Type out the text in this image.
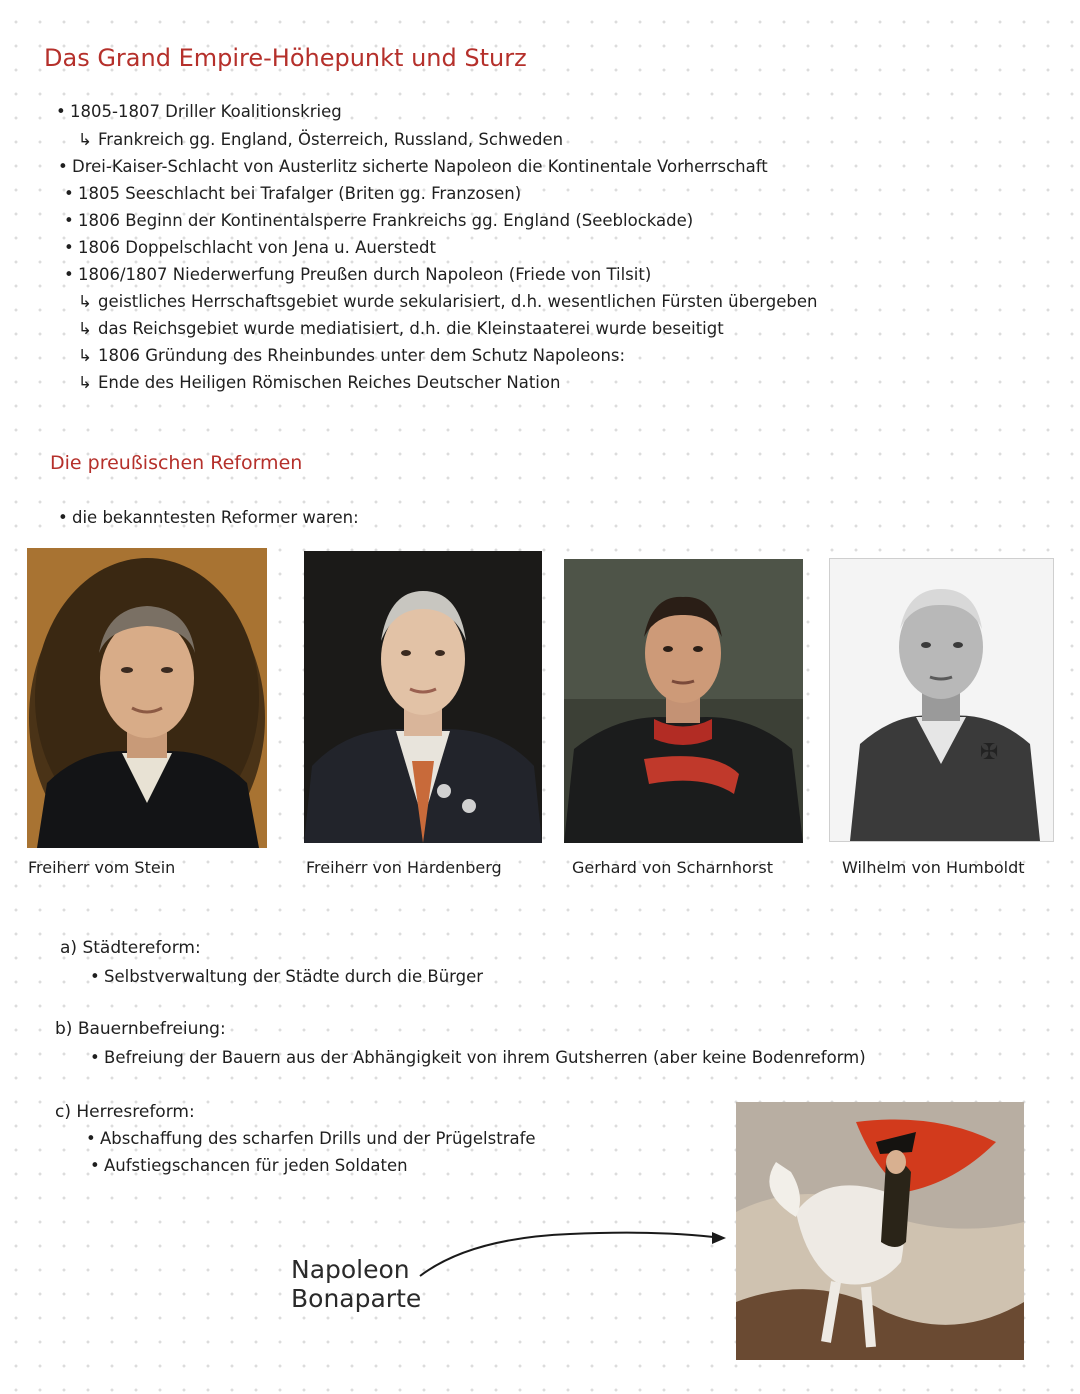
Das Grand Empire-Höhepunkt und Sturz
• 1805-1807 Driller Koalitionskrieg
↳ Frankreich gg. England, Österreich, Russland, Schweden
• Drei-Kaiser-Schlacht von Austerlitz sicherte Napoleon die Kontinentale Vorherrschaft
• 1805 Seeschlacht bei Trafalger (Briten gg. Franzosen)
• 1806 Beginn der Kontinentalsperre Frankreichs gg. England (Seeblockade)
• 1806 Doppelschlacht von Jena u. Auerstedt
• 1806/1807 Niederwerfung Preußen durch Napoleon (Friede von Tilsit)
↳ geistliches Herrschaftsgebiet wurde sekularisiert, d.h. wesentlichen Fürsten übergeben
↳ das Reichsgebiet wurde mediatisiert, d.h. die Kleinstaaterei wurde beseitigt
↳ 1806 Gründung des Rheinbundes unter dem Schutz Napoleons:
↳ Ende des Heiligen Römischen Reiches Deutscher Nation
Die preußischen Reformen
• die bekanntesten Reformer waren:
✠
Freiherr vom Stein	Freiherr von Hardenberg	Gerhard von Scharnhorst	Wilhelm von Humboldt
a) Städtereform:
• Selbstverwaltung der Städte durch die Bürger
b) Bauernbefreiung:
• Befreiung der Bauern aus der Abhängigkeit von ihrem Gutsherren (aber keine Bodenreform)
c) Herresreform:
• Abschaffung des scharfen Drills und der Prügelstrafe
• Aufstiegschancen für jeden Soldaten
Napoleon
Bonaparte
